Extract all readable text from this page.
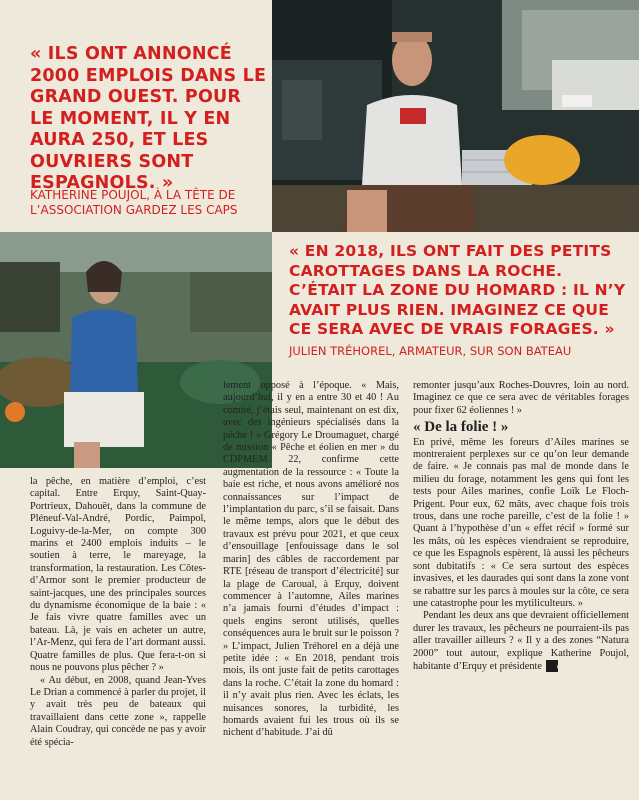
« ILS ONT ANNONCÉ 2000 EMPLOIS DANS LE GRAND OUEST. POUR LE MOMENT, IL Y EN AURA 250, ET LES OUVRIERS SONT ESPAGNOLS. »
KATHERINE POUJOL, À LA TÊTE DE L’ASSOCIATION GARDEZ LES CAPS
« EN 2018, ILS ONT FAIT DES PETITS CAROTTAGES DANS LA ROCHE. C’ÉTAIT LA ZONE DU HOMARD : IL N’Y AVAIT PLUS RIEN. IMAGINEZ CE QUE CE SERA AVEC DE VRAIS FORAGES. »
JULIEN TRÉHOREL, ARMATEUR, SUR SON BATEAU

la pêche, en matière d’emploi, c’est capital. Entre Erquy, Saint-Quay-Portrieux, Dahouët, dans la commune de Pléneuf-Val-André, Pordic, Paimpol, Loguivy-de-la-Mer, on compte 300 marins et 2400 emplois induits – le soutien à terre, le mareyage, la transformation, la restauration. Les Côtes-d’Armor sont le premier producteur de saint-jacques, une des principales sources du dynamisme économique de la baie : « Je fais vivre quatre familles avec un bateau. Là, je vais en acheter un autre, l’Ar-Menz, qui fera de l’art dormant aussi. Quatre familles de plus. Que fera-t-on si nous ne pouvons plus pêcher ? »

« Au début, en 2008, quand Jean-Yves Le Drian a commencé à parler du projet, il y avait très peu de bateaux qui travaillaient dans cette zone », rappelle Alain Coudray, qui concède ne pas y avoir été spécia-

lement opposé à l’époque. « Mais, aujourd’hui, il y en a entre 30 et 40 ! Au comité, j’étais seul, maintenant on est dix, avec des ingénieurs spécialisés dans la pêche ! » Grégory Le Droumaguet, chargé de mission « Pêche et éolien en mer » du CDPMEM 22, confirme cette augmentation de la ressource : « Toute la baie est riche, et nous avons amélioré nos connaissances sur l’impact de l’implantation du parc, s’il se faisait. Dans le même temps, alors que le début des travaux est prévu pour 2021, et que ceux d’ensouillage [enfouissage dans le sol marin] des câbles de raccordement par RTE [réseau de transport d’électricité] sur la plage de Caroual, à Erquy, doivent commencer à l’automne, Ailes marines n’a jamais fourni d’études d’impact : quels engins seront utilisés, quelles conséquences aura le bruit sur le poisson ? » L’impact, Julien Tréhorel en a déjà une petite idée : « En 2018, pendant trois mois, ils ont juste fait de petits carottages dans la roche. C’était la zone du homard : il n’y avait plus rien. Avec les éclats, les nuisances sonores, la turbidité, les homards avaient fui les trous où ils se nichent d’habitude. J’ai dû

remonter jusqu’aux Roches-Douvres, loin au nord. Imaginez ce que ce sera avec de véritables forages pour fixer 62 éoliennes ! »

« De la folie ! »

En privé, même les foreurs d’Ailes marines se montreraient perplexes sur ce qu’on leur demande de faire. « Je connais pas mal de monde dans le milieu du forage, notamment les gens qui font les tests pour Ailes marines, confie Loïk Le Floch-Prigent. Pour eux, 62 mâts, avec chaque fois trois trous, dans une roche pareille, c’est de la folie ! » Quant à l’hypothèse d’un « effet récif » formé sur les mâts, où les espèces viendraient se reproduire, ce que les Espagnols espèrent, là aussi les pêcheurs sont dubitatifs : « Ce sera surtout des espèces invasives, et les daurades qui sont dans la zone vont se rabattre sur les parcs à moules sur la côte, ce sera une catastrophe pour les mytiliculteurs. »

Pendant les deux ans que devraient officiellement durer les travaux, les pêcheurs ne pourraient-ils pas aller travailler ailleurs ? « Il y a des zones “Natura 2000” tout autour, explique Katherine Poujol, habitante d’Erquy et présidente ›
